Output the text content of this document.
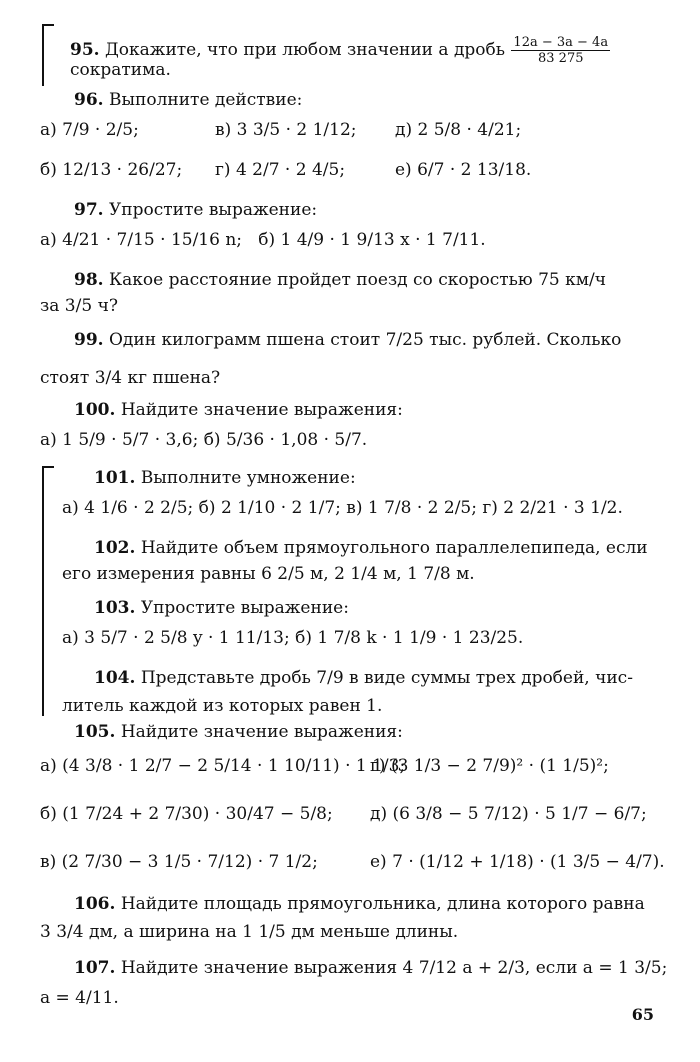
95. Докажите, что при любом значении a дробь $\frac{12a - 3a - 4a}{83 275}$
сократима.
96. Выполните действие:
а) 7/9 · 2/5;	в) 3 3/5 · 2 1/12; д) 2 5/8 · 4/21;
б) 12/13 · 26/27; г) 4 2/7 · 2 4/5;	е) 6/7 · 2 13/18.
97. Упростите выражение:
а) 4/21 · 7/15 · 15/16 n; б) 1 4/9 · 1 9/13 x · 1 7/11.
98. Какое расстояние пройдет поезд со скоростью 75 км/ч
за 3/5 ч?
99. Один килограмм пшена стоит 7/25 тыс. рублей. Сколько
стоят 3/4 кг пшена?
100. Найдите значение выражения:
а) 1 5/9 · 5/7 · 3,6; б) 5/36 · 1,08 · 5/7.
101. Выполните умножение:
а) 4 1/6 · 2 2/5; б) 2 1/10 · 2 1/7; в) 1 7/8 · 2 2/5; г) 2 2/21 · 3 1/2.
102. Найдите объем прямоугольного параллелепипеда, если
его измерения равны 6 2/5 м, 2 1/4 м, 1 7/8 м.
103. Упростите выражение:
а) 3 5/7 · 2 5/8 y · 1 11/13; б) 1 7/8 k · 1 1/9 · 1 23/25.
104. Представьте дробь 7/9 в виде суммы трех дробей, чис-
литель каждой из которых равен 1.
105. Найдите значение выражения:
а) (4 3/8 · 1 2/7 − 2 5/14 · 1 10/11) · 1 1/3;г) (3 1/3 − 2 7/9)² · (1 1/5)²;
б) (1 7/24 + 2 7/30) · 30/47 − 5/8; д) (6 3/8 − 5 7/12) · 5 1/7 − 6/7;
в) (2 7/30 − 3 1/5 · 7/12) · 7 1/2;	е) 7 · (1/12 + 1/18) · (1 3/5 − 4/7).
106. Найдите площадь прямоугольника, длина которого равна
3 3/4 дм, а ширина на 1 1/5 дм меньше длины.
107. Найдите значение выражения 4 7/12 a + 2/3, если a = 1 3/5;
a = 4/11.
65
